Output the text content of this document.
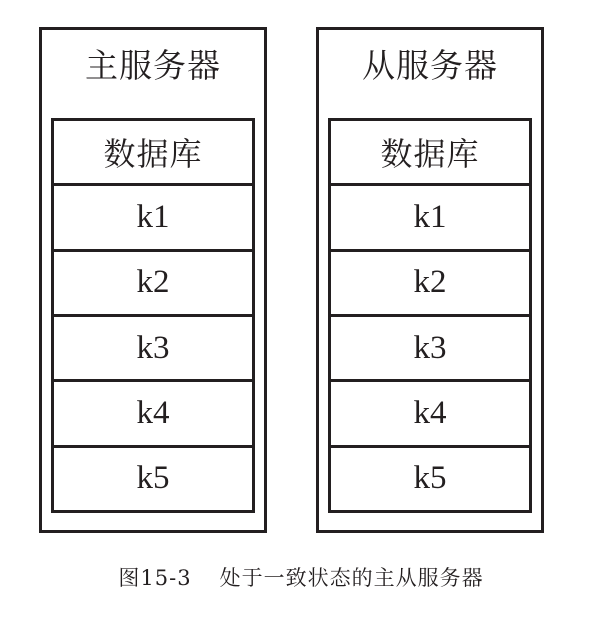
主服务器
数据库
k1
k2
k3
k4
k5
从服务器
数据库
k1
k2
k3
k4
k5
图15-3 处于一致状态的主从服务器
